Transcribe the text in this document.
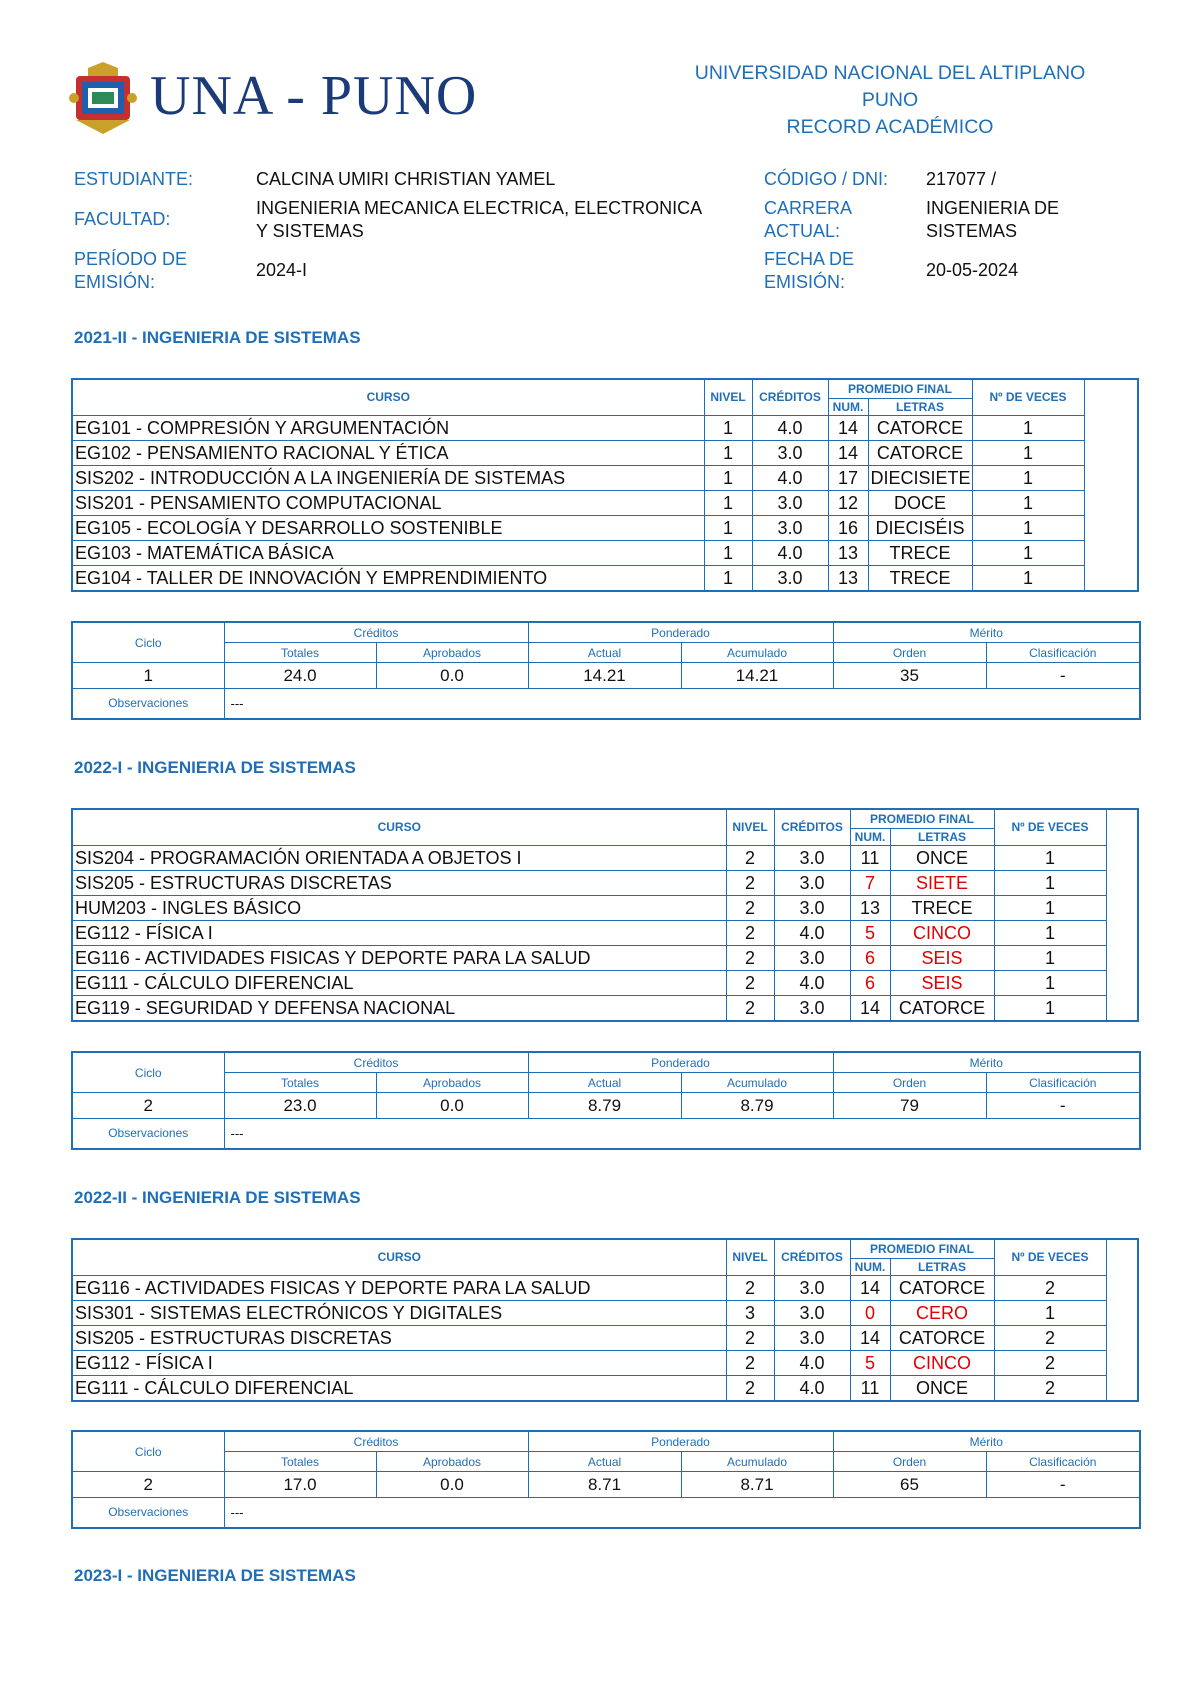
UNA - PUNO	UNIVERSIDAD NACIONAL DEL ALTIPLANO
PUNO
RECORD ACADÉMICO
ESTUDIANTE:	CALCINA UMIRI CHRISTIAN YAMEL	CÓDIGO / DNI: 217077 /
FACULTAD:
INGENIERIA MECANICA ELECTRICA, ELECTRONICA
Y SISTEMAS
CARRERA
ACTUAL:
INGENIERIA DE
SISTEMAS
PERÍODO DE
EMISIÓN:
2024-I
FECHA DE
EMISIÓN:
20-05-2024
2021-II - INGENIERIA DE SISTEMAS
CURSO	NIVEL	CRÉDITOS	PROMEDIO FINAL		Nº DE VECES
			NUM.	LETRAS	
EG101 - COMPRESIÓN Y ARGUMENTACIÓN	1	4.0	14	CATORCE	1
EG102 - PENSAMIENTO RACIONAL Y ÉTICA	1	3.0	14	CATORCE	1
SIS202 - INTRODUCCIÓN A LA INGENIERÍA DE SISTEMAS	1	4.0	17	DIECISIETE	1
SIS201 - PENSAMIENTO COMPUTACIONAL	1	3.0	12	DOCE	1
EG105 - ECOLOGÍA Y DESARROLLO SOSTENIBLE	1	3.0	16	DIECISÉIS	1
EG103 - MATEMÁTICA BÁSICA	1	4.0	13	TRECE	1
EG104 - TALLER DE INNOVACIÓN Y EMPRENDIMIENTO	1	3.0	13	TRECE	1
Ciclo	Créditos		Ponderado		Mérito	
	Totales	Aprobados	Actual	Acumulado	Orden	Clasificación
1	24.0	0.0	14.21	14.21	35	-
Observaciones	---					
2022-I - INGENIERIA DE SISTEMAS
CURSO	NIVEL	CRÉDITOS	PROMEDIO FINAL		Nº DE VECES
			NUM.	LETRAS	
SIS204 - PROGRAMACIÓN ORIENTADA A OBJETOS I	2	3.0	11	ONCE	1
SIS205 - ESTRUCTURAS DISCRETAS	2	3.0	7	SIETE	1
HUM203 - INGLES BÁSICO	2	3.0	13	TRECE	1
EG112 - FÍSICA I	2	4.0	5	CINCO	1
EG116 - ACTIVIDADES FISICAS Y DEPORTE PARA LA SALUD	2	3.0	6	SEIS	1
EG111 - CÁLCULO DIFERENCIAL	2	4.0	6	SEIS	1
EG119 - SEGURIDAD Y DEFENSA NACIONAL	2	3.0	14	CATORCE	1
Ciclo	Créditos		Ponderado		Mérito	
	Totales	Aprobados	Actual	Acumulado	Orden	Clasificación
2	23.0	0.0	8.79	8.79	79	-
Observaciones	---					
2022-II - INGENIERIA DE SISTEMAS
CURSO	NIVEL	CRÉDITOS	PROMEDIO FINAL		Nº DE VECES
			NUM.	LETRAS	
EG116 - ACTIVIDADES FISICAS Y DEPORTE PARA LA SALUD	2	3.0	14	CATORCE	2
SIS301 - SISTEMAS ELECTRÓNICOS Y DIGITALES	3	3.0	0	CERO	1
SIS205 - ESTRUCTURAS DISCRETAS	2	3.0	14	CATORCE	2
EG112 - FÍSICA I	2	4.0	5	CINCO	2
EG111 - CÁLCULO DIFERENCIAL	2	4.0	11	ONCE	2
Ciclo	Créditos		Ponderado		Mérito	
	Totales	Aprobados	Actual	Acumulado	Orden	Clasificación
2	17.0	0.0	8.71	8.71	65	-
Observaciones	---					
2023-I - INGENIERIA DE SISTEMAS
